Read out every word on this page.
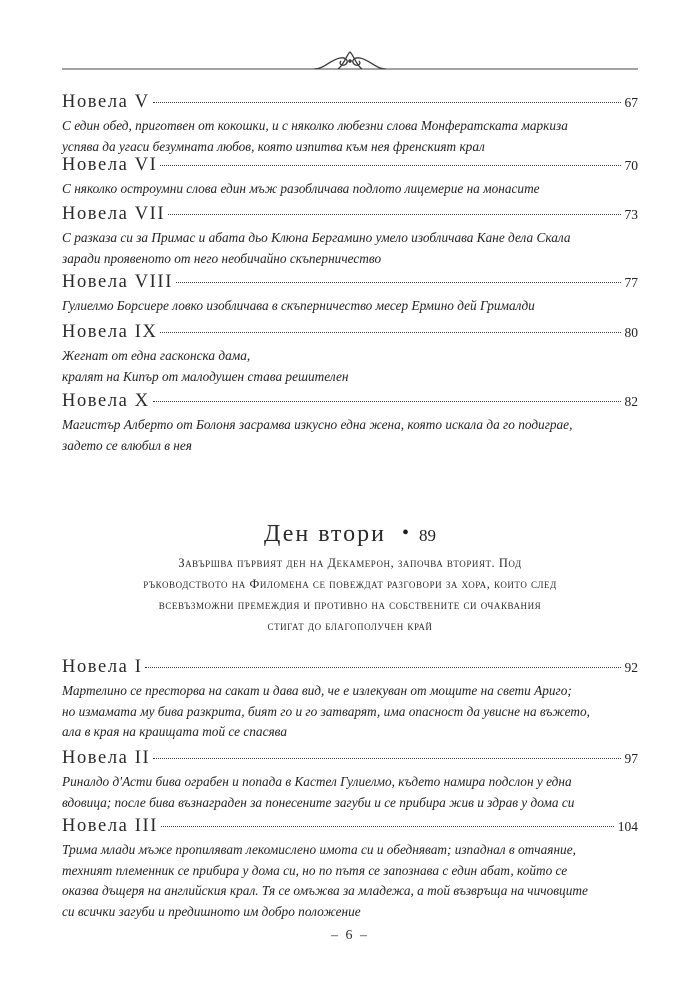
Новела V	67
С един обед, приготвен от кокошки, и с няколко любезни слова Монфератската маркиза
успява да угаси безумната любов, която изпитва към нея френският крал
Новела VI	70
С няколко остроумни слова един мъж разобличава подлото лицемерие на монасите
Новела VII	73
С разказа си за Примас и абата дьо Клюна Бергамино умело изобличава Кане дела Скала
заради проявеното от него необичайно скъперничество
Новела VIII	77
Гулиелмо Борсиере ловко изобличава в скъперничество месер Ермино дей Грималди
Новела IX	80
Жегнат от една гасконска дама,
кралят на Кипър от малодушен става решителен
Новела X	82
Магистър Алберто от Болоня засрамва изкусно една жена, която искала да го подиграе,
задето се влюбил в нея
Ден втори • 89
Завършва първият ден на Декамерон, започва вторият. Под
ръководството на Филомена се повеждат разговори за хора, които след
всевъзможни премеждия и противно на собствените си очаквания
стигат до благополучен край
Новела I	92
Мартелино се престорва на сакат и дава вид, че е излекуван от мощите на свети Аригo;
но измамата му бива разкрита, бият го и го затварят, има опасност да увисне на въжето,
ала в края на краищата той се спасява
Новела II	97
Риналдо д'Асти бива ограбен и попада в Кастел Гулиелмо, където намира подслон у една
вдовица; после бива възнаграден за понесените загуби и се прибира жив и здрав у дома си
Новела III	104
Трима млади мъже пропиляват лекомислено имота си и обедняват; изпаднал в отчаяние,
техният племенник се прибира у дома си, но по пътя се запознава с един абат, който се
оказва дъщеря на английския крал. Тя се омъжва за младежа, а той възвръща на чичовците
си всички загуби и предишното им добро положение
– 6 –
